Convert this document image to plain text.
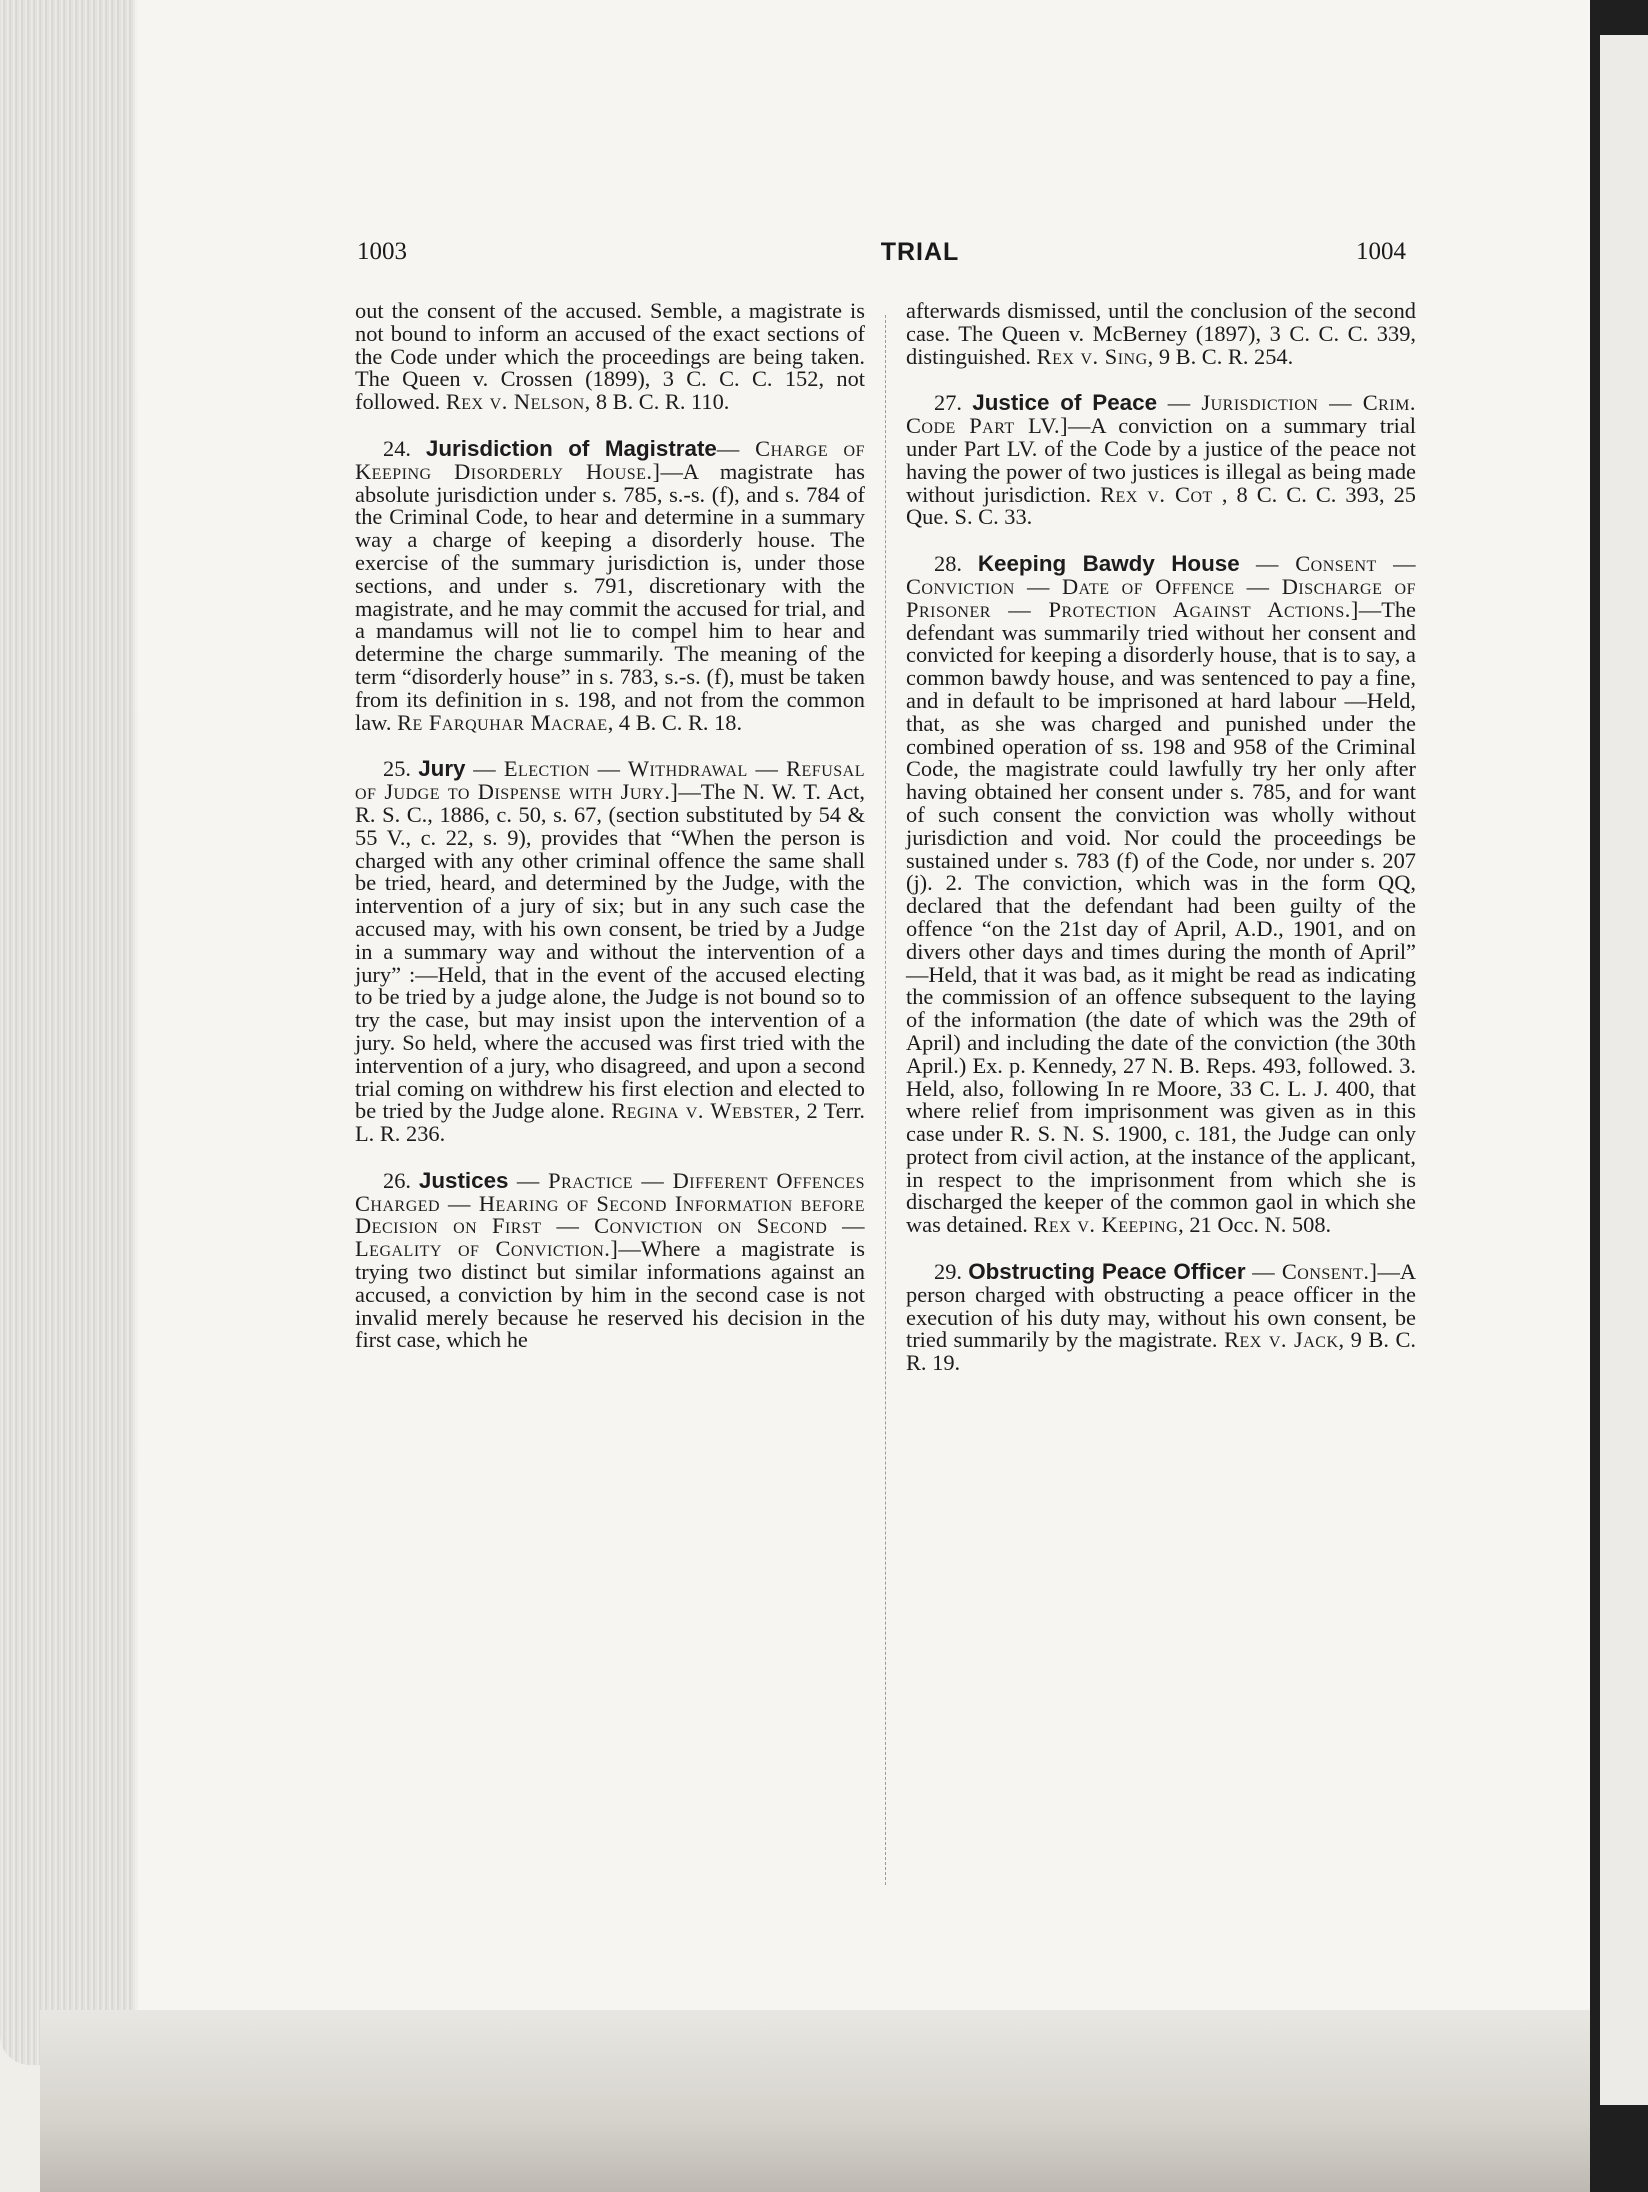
1003	TRIAL	1004

out the consent of the accused. Semble, a magistrate is not bound to inform an accused of the exact sections of the Code under which the proceedings are being taken. The Queen v. Crossen (1899), 3 C. C. C. 152, not followed. Rex v. Nelson, 8 B. C. R. 110.

24. Jurisdiction of Magistrate— Charge of Keeping Disorderly House.]—A magistrate has absolute jurisdiction under s. 785, s.-s. (f), and s. 784 of the Criminal Code, to hear and determine in a summary way a charge of keeping a disorderly house. The exercise of the summary jurisdiction is, under those sections, and under s. 791, discretionary with the magistrate, and he may commit the accused for trial, and a mandamus will not lie to compel him to hear and determine the charge summarily. The meaning of the term “disorderly house” in s. 783, s.-s. (f), must be taken from its definition in s. 198, and not from the common law. Re Farquhar Macrae, 4 B. C. R. 18.

25. Jury — Election — Withdrawal — Refusal of Judge to Dispense with Jury.]—The N. W. T. Act, R. S. C., 1886, c. 50, s. 67, (section substituted by 54 & 55 V., c. 22, s. 9), provides that “When the person is charged with any other criminal offence the same shall be tried, heard, and determined by the Judge, with the intervention of a jury of six; but in any such case the accused may, with his own consent, be tried by a Judge in a summary way and without the intervention of a jury” :—Held, that in the event of the accused electing to be tried by a judge alone, the Judge is not bound so to try the case, but may insist upon the intervention of a jury. So held, where the accused was first tried with the intervention of a jury, who disagreed, and upon a second trial coming on withdrew his first election and elected to be tried by the Judge alone. Regina v. Webster, 2 Terr. L. R. 236.

26. Justices — Practice — Different Offences Charged — Hearing of Second Information before Decision on First — Conviction on Second — Legality of Conviction.]—Where a magistrate is trying two distinct but similar informations against an accused, a conviction by him in the second case is not invalid merely because he reserved his decision in the first case, which he

afterwards dismissed, until the conclusion of the second case. The Queen v. McBerney (1897), 3 C. C. C. 339, distinguished. Rex v. Sing, 9 B. C. R. 254.

27. Justice of Peace — Jurisdiction — Crim. Code Part LV.]—A conviction on a summary trial under Part LV. of the Code by a justice of the peace not having the power of two justices is illegal as being made without jurisdiction. Rex v. Cot , 8 C. C. C. 393, 25 Que. S. C. 33.

28. Keeping Bawdy House — Consent — Conviction — Date of Offence — Discharge of Prisoner — Protection Against Actions.]—The defendant was summarily tried without her consent and convicted for keeping a disorderly house, that is to say, a common bawdy house, and was sentenced to pay a fine, and in default to be imprisoned at hard labour —Held, that, as she was charged and punished under the combined operation of ss. 198 and 958 of the Criminal Code, the magistrate could lawfully try her only after having obtained her consent under s. 785, and for want of such consent the conviction was wholly without jurisdiction and void. Nor could the proceedings be sustained under s. 783 (f) of the Code, nor under s. 207 (j). 2. The conviction, which was in the form QQ, declared that the defendant had been guilty of the offence “on the 21st day of April, A.D., 1901, and on divers other days and times during the month of April” —Held, that it was bad, as it might be read as indicating the commission of an offence subsequent to the laying of the information (the date of which was the 29th of April) and including the date of the conviction (the 30th April.) Ex. p. Kennedy, 27 N. B. Reps. 493, followed. 3. Held, also, following In re Moore, 33 C. L. J. 400, that where relief from imprisonment was given as in this case under R. S. N. S. 1900, c. 181, the Judge can only protect from civil action, at the instance of the applicant, in respect to the imprisonment from which she is discharged the keeper of the common gaol in which she was detained. Rex v. Keeping, 21 Occ. N. 508.

29. Obstructing Peace Officer — Consent.]—A person charged with obstructing a peace officer in the execution of his duty may, without his own consent, be tried summarily by the magistrate. Rex v. Jack, 9 B. C. R. 19.
